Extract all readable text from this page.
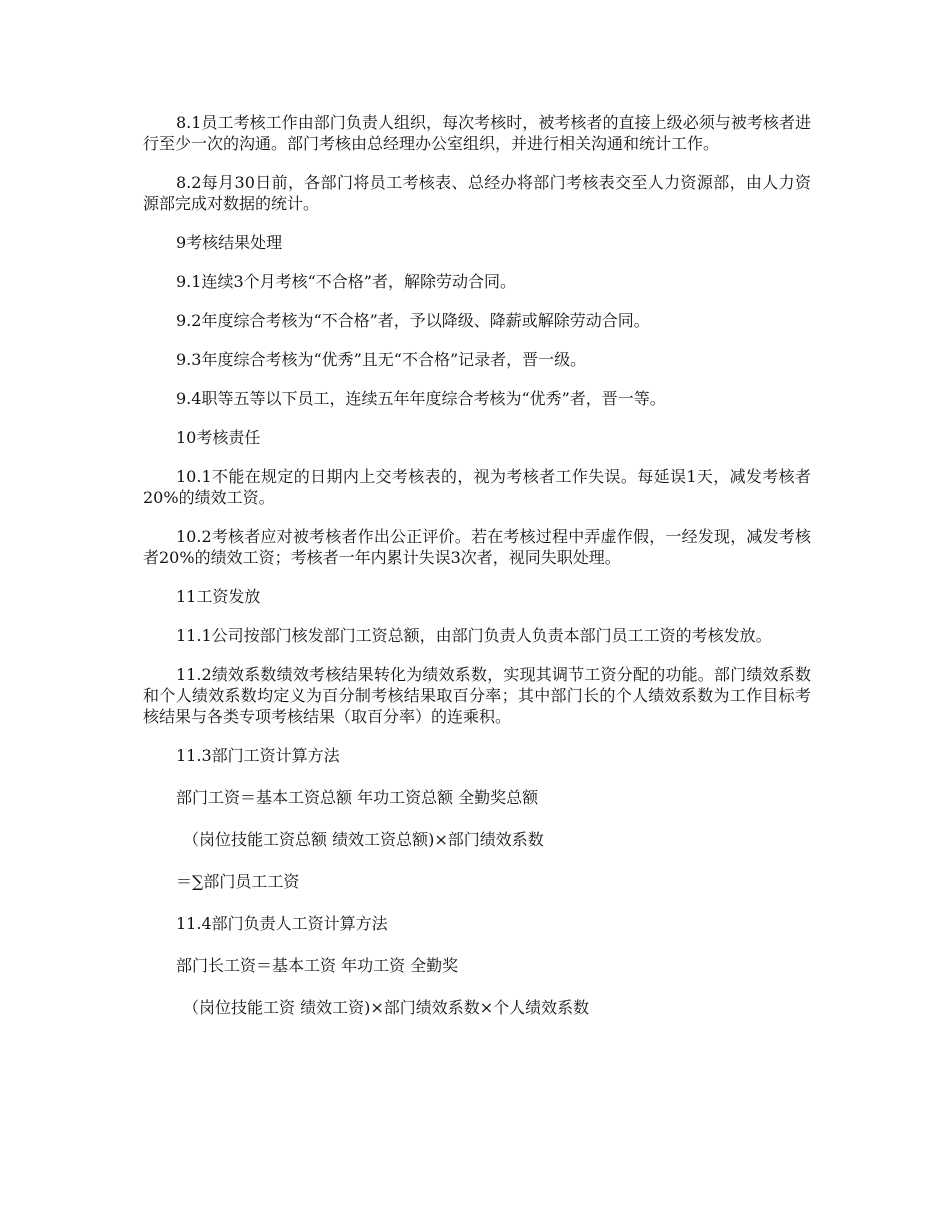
8.1员工考核工作由部门负责人组织，每次考核时，被考核者的直接上级必须与被考核者进行至少一次的沟通。部门考核由总经理办公室组织，并进行相关沟通和统计工作。

8.2每月30日前，各部门将员工考核表、总经办将部门考核表交至人力资源部，由人力资源部完成对数据的统计。

9考核结果处理

9.1连续3个月考核“不合格”者，解除劳动合同。

9.2年度综合考核为“不合格”者，予以降级、降薪或解除劳动合同。

9.3年度综合考核为“优秀”且无“不合格”记录者，晋一级。

9.4职等五等以下员工，连续五年年度综合考核为“优秀”者，晋一等。

10考核责任

10.1不能在规定的日期内上交考核表的，视为考核者工作失误。每延误1天，减发考核者20%的绩效工资。

10.2考核者应对被考核者作出公正评价。若在考核过程中弄虚作假，一经发现，减发考核者20%的绩效工资；考核者一年内累计失误3次者，视同失职处理。

11工资发放

11.1公司按部门核发部门工资总额，由部门负责人负责本部门员工工资的考核发放。

11.2绩效系数绩效考核结果转化为绩效系数，实现其调节工资分配的功能。部门绩效系数和个人绩效系数均定义为百分制考核结果取百分率；其中部门长的个人绩效系数为工作目标考核结果与各类专项考核结果（取百分率）的连乘积。

11.3部门工资计算方法

部门工资＝基本工资总额 年功工资总额 全勤奖总额

（岗位技能工资总额 绩效工资总额)×部门绩效系数

＝∑部门员工工资

11.4部门负责人工资计算方法

部门长工资＝基本工资 年功工资 全勤奖

（岗位技能工资 绩效工资)×部门绩效系数×个人绩效系数
